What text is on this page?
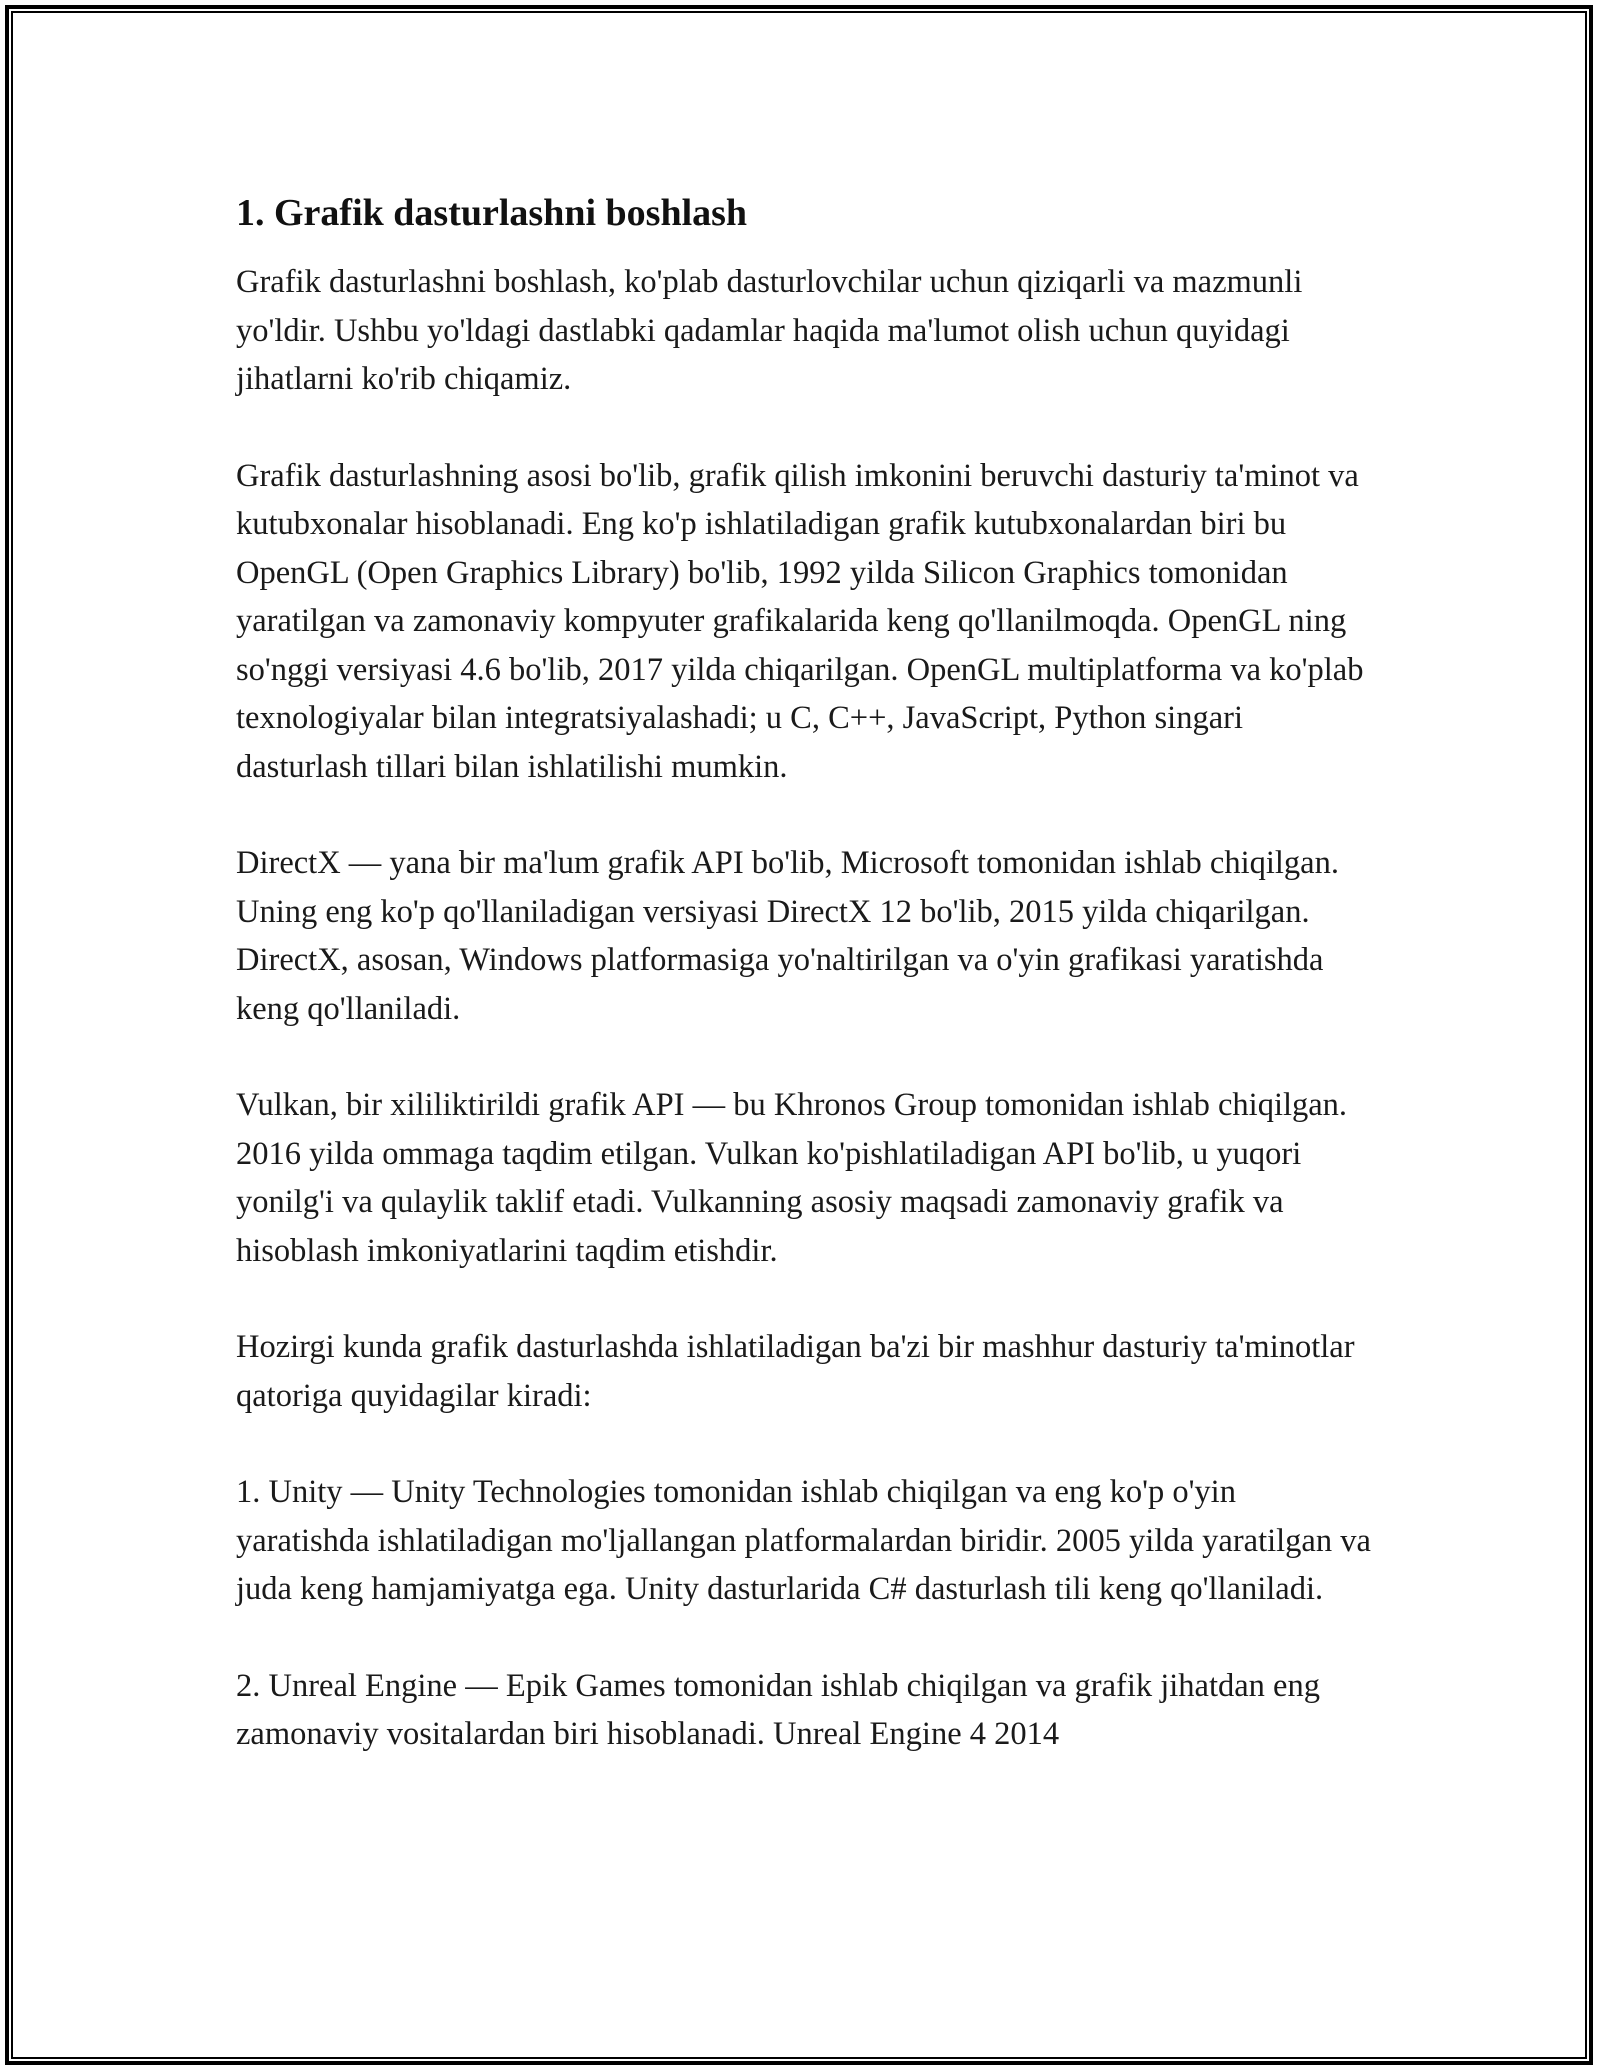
1. Grafik dasturlashni boshlash

Grafik dasturlashni boshlash, ko'plab dasturlovchilar uchun qiziqarli va mazmunli yo'ldir. Ushbu yo'ldagi dastlabki qadamlar haqida ma'lumot olish uchun quyidagi jihatlarni ko'rib chiqamiz.

Grafik dasturlashning asosi bo'lib, grafik qilish imkonini beruvchi dasturiy ta'minot va kutubxonalar hisoblanadi. Eng ko'p ishlatiladigan grafik kutubxonalardan biri bu OpenGL (Open Graphics Library) bo'lib, 1992 yilda Silicon Graphics tomonidan yaratilgan va zamonaviy kompyuter grafikalarida keng qo'llanilmoqda. OpenGL ning so'nggi versiyasi 4.6 bo'lib, 2017 yilda chiqarilgan. OpenGL multiplatforma va ko'plab texnologiyalar bilan integratsiyalashadi; u C, C++, JavaScript, Python singari dasturlash tillari bilan ishlatilishi mumkin.

DirectX — yana bir ma'lum grafik API bo'lib, Microsoft tomonidan ishlab chiqilgan. Uning eng ko'p qo'llaniladigan versiyasi DirectX 12 bo'lib, 2015 yilda chiqarilgan. DirectX, asosan, Windows platformasiga yo'naltirilgan va o'yin grafikasi yaratishda keng qo'llaniladi.

Vulkan, bir xililiktirildi grafik API — bu Khronos Group tomonidan ishlab chiqilgan. 2016 yilda ommaga taqdim etilgan. Vulkan ko'pishlatiladigan API bo'lib, u yuqori yonilg'i va qulaylik taklif etadi. Vulkanning asosiy maqsadi zamonaviy grafik va hisoblash imkoniyatlarini taqdim etishdir.

Hozirgi kunda grafik dasturlashda ishlatiladigan ba'zi bir mashhur dasturiy ta'minotlar qatoriga quyidagilar kiradi:

1. Unity — Unity Technologies tomonidan ishlab chiqilgan va eng ko'p o'yin yaratishda ishlatiladigan mo'ljallangan platformalardan biridir. 2005 yilda yaratilgan va juda keng hamjamiyatga ega. Unity dasturlarida C# dasturlash tili keng qo'llaniladi.

2. Unreal Engine — Epik Games tomonidan ishlab chiqilgan va grafik jihatdan eng zamonaviy vositalardan biri hisoblanadi. Unreal Engine 4 2014
